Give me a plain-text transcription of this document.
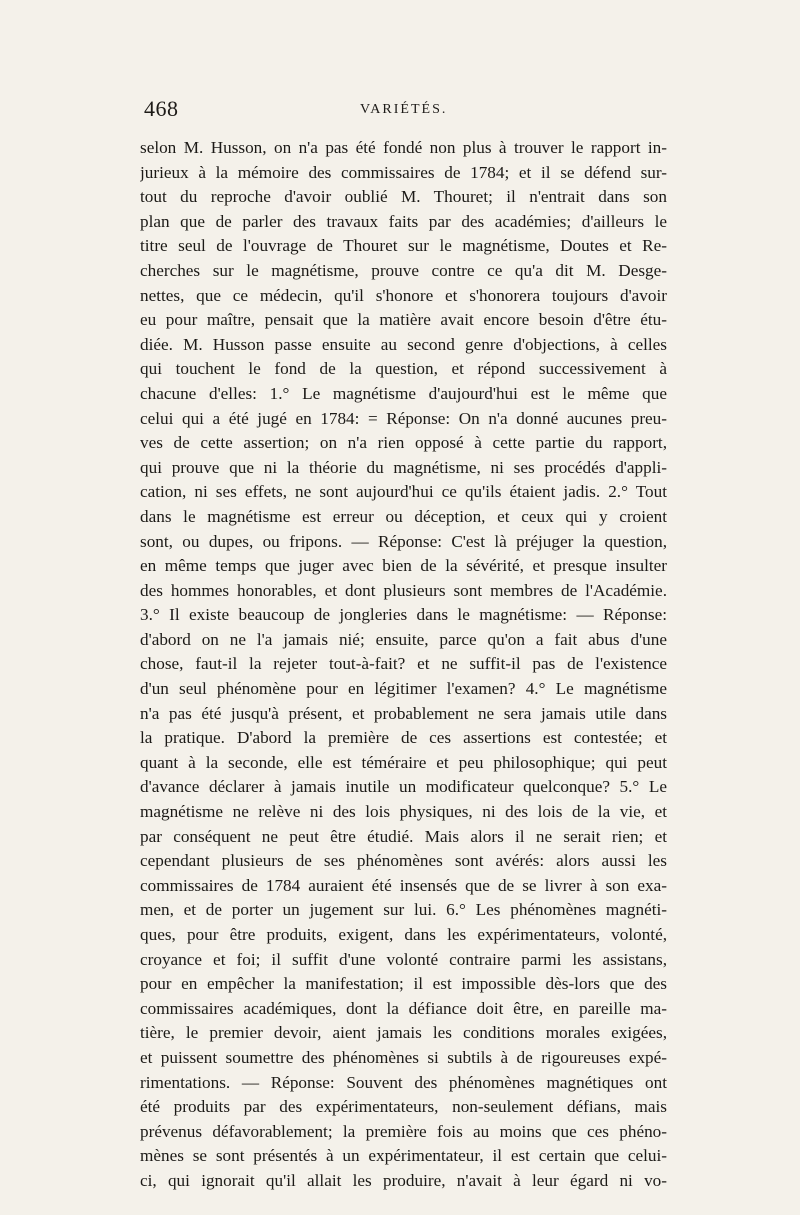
468	VARIÉTÉS.
selon M. Husson, on n'a pas été fondé non plus à trouver le rapport in-
jurieux à la mémoire des commissaires de 1784; et il se défend sur-
tout du reproche d'avoir oublié M. Thouret; il n'entrait dans son
plan que de parler des travaux faits par des académies; d'ailleurs le
titre seul de l'ouvrage de Thouret sur le magnétisme, Doutes et Re-
cherches sur le magnétisme, prouve contre ce qu'a dit M. Desge-
nettes, que ce médecin, qu'il s'honore et s'honorera toujours d'avoir
eu pour maître, pensait que la matière avait encore besoin d'être étu-
diée. M. Husson passe ensuite au second genre d'objections, à celles
qui touchent le fond de la question, et répond successivement à
chacune d'elles: 1.° Le magnétisme d'aujourd'hui est le même que
celui qui a été jugé en 1784: = Réponse: On n'a donné aucunes preu-
ves de cette assertion; on n'a rien opposé à cette partie du rapport,
qui prouve que ni la théorie du magnétisme, ni ses procédés d'appli-
cation, ni ses effets, ne sont aujourd'hui ce qu'ils étaient jadis. 2.° Tout
dans le magnétisme est erreur ou déception, et ceux qui y croient
sont, ou dupes, ou fripons. — Réponse: C'est là préjuger la question,
en même temps que juger avec bien de la sévérité, et presque insulter
des hommes honorables, et dont plusieurs sont membres de l'Académie.
3.° Il existe beaucoup de jongleries dans le magnétisme: — Réponse:
d'abord on ne l'a jamais nié; ensuite, parce qu'on a fait abus d'une
chose, faut-il la rejeter tout-à-fait? et ne suffit-il pas de l'existence
d'un seul phénomène pour en légitimer l'examen? 4.° Le magnétisme
n'a pas été jusqu'à présent, et probablement ne sera jamais utile dans
la pratique. D'abord la première de ces assertions est contestée; et
quant à la seconde, elle est téméraire et peu philosophique; qui peut
d'avance déclarer à jamais inutile un modificateur quelconque? 5.° Le
magnétisme ne relève ni des lois physiques, ni des lois de la vie, et
par conséquent ne peut être étudié. Mais alors il ne serait rien; et
cependant plusieurs de ses phénomènes sont avérés: alors aussi les
commissaires de 1784 auraient été insensés que de se livrer à son exa-
men, et de porter un jugement sur lui. 6.° Les phénomènes magnéti-
ques, pour être produits, exigent, dans les expérimentateurs, volonté,
croyance et foi; il suffit d'une volonté contraire parmi les assistans,
pour en empêcher la manifestation; il est impossible dès-lors que des
commissaires académiques, dont la défiance doit être, en pareille ma-
tière, le premier devoir, aient jamais les conditions morales exigées,
et puissent soumettre des phénomènes si subtils à de rigoureuses expé-
rimentations. — Réponse: Souvent des phénomènes magnétiques ont
été produits par des expérimentateurs, non-seulement défians, mais
prévenus défavorablement; la première fois au moins que ces phéno-
mènes se sont présentés à un expérimentateur, il est certain que celui-
ci, qui ignorait qu'il allait les produire, n'avait à leur égard ni vo-
